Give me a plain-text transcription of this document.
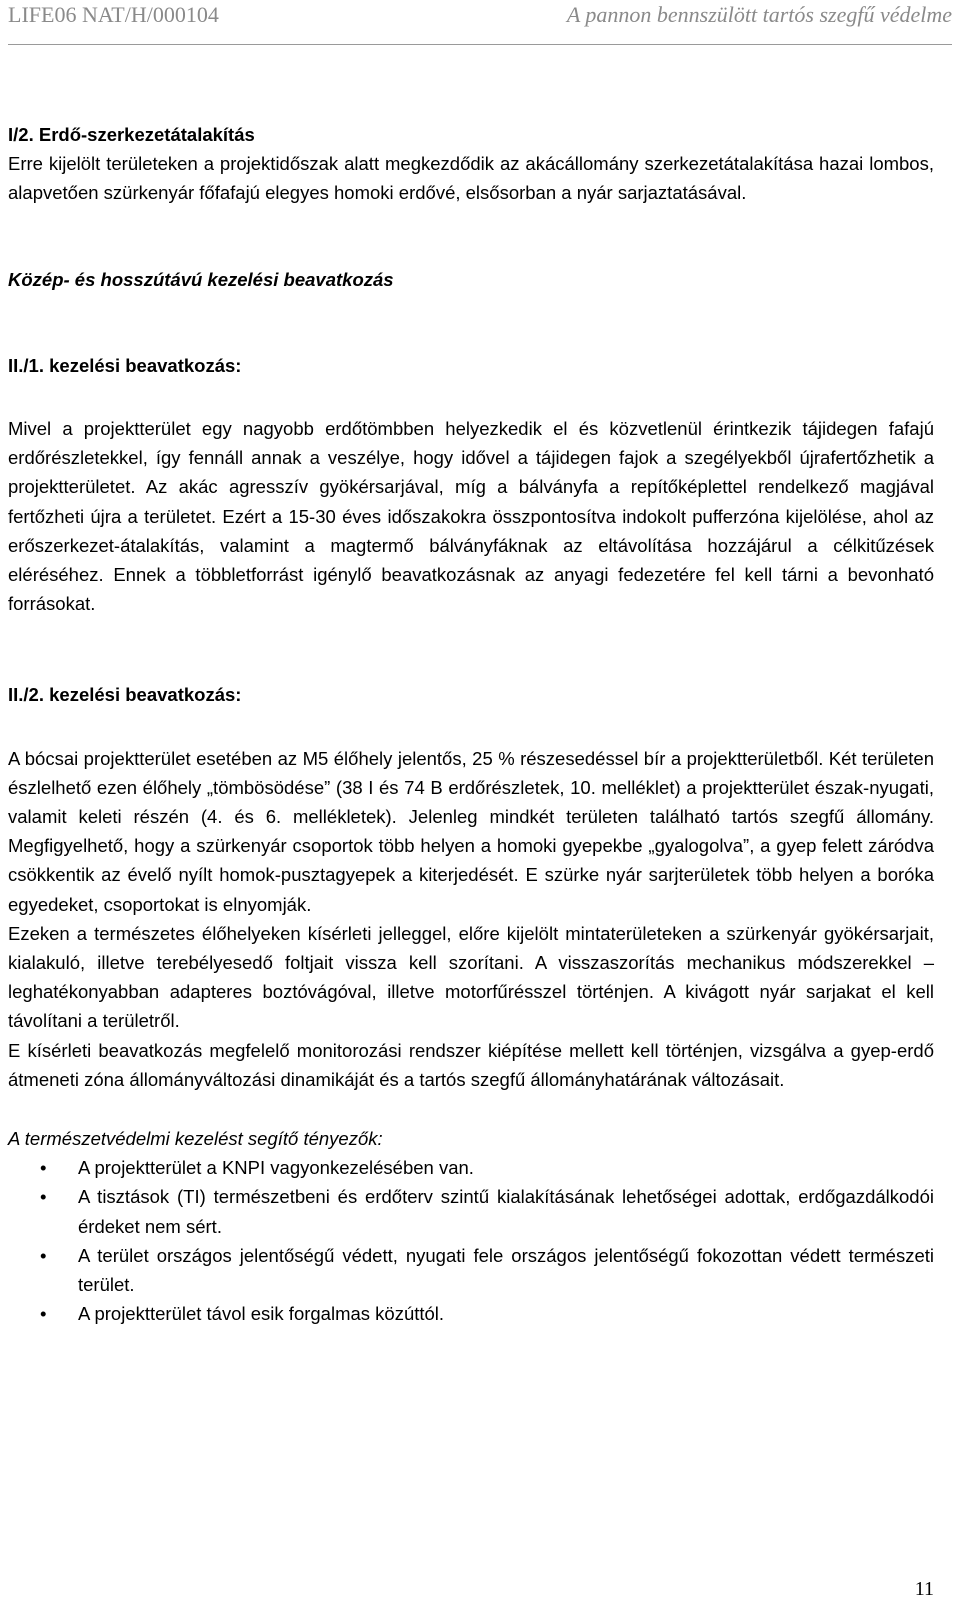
LIFE06 NAT/H/000104	A pannon bennszülött tartós szegfű védelme

I/2. Erdő-szerkezetátalakítás

Erre kijelölt területeken a projektidőszak alatt megkezdődik az akácállomány szerkezetátalakítása hazai lombos, alapvetően szürkenyár főfafajú elegyes homoki erdővé, elsősorban a nyár sarjaztatásával.

Közép- és hosszútávú kezelési beavatkozás

II./1. kezelési beavatkozás:

Mivel a projektterület egy nagyobb erdőtömbben helyezkedik el és közvetlenül érintkezik tájidegen fafajú erdőrészletekkel, így fennáll annak a veszélye, hogy idővel a tájidegen fajok a szegélyekből újrafertőzhetik a projektterületet. Az akác agresszív gyökérsarjával, míg a bálványfa a repítőképlettel rendelkező magjával fertőzheti újra a területet. Ezért a 15-30 éves időszakokra összpontosítva indokolt pufferzóna kijelölése, ahol az erőszerkezet-átalakítás, valamint a magtermő bálványfáknak az eltávolítása hozzájárul a célkitűzések eléréséhez. Ennek a többletforrást igénylő beavatkozásnak az anyagi fedezetére fel kell tárni a bevonható forrásokat.

II./2. kezelési beavatkozás:

A bócsai projektterület esetében az M5 élőhely jelentős, 25 % részesedéssel bír a projektterületből. Két területen észlelhető ezen élőhely „tömbösödése” (38 I és 74 B erdőrészletek, 10. melléklet) a projektterület észak-nyugati, valamit keleti részén (4. és 6. mellékletek). Jelenleg mindkét területen található tartós szegfű állomány. Megfigyelhető, hogy a szürkenyár csoportok több helyen a homoki gyepekbe „gyalogolva”, a gyep felett záródva csökkentik az évelő nyílt homok-pusztagyepek a kiterjedését. E szürke nyár sarjterületek több helyen a boróka egyedeket, csoportokat is elnyomják.

Ezeken a természetes élőhelyeken kísérleti jelleggel, előre kijelölt mintaterületeken a szürkenyár gyökérsarjait, kialakuló, illetve terebélyesedő foltjait vissza kell szorítani. A visszaszorítás mechanikus módszerekkel – leghatékonyabban adapteres boztóvágóval, illetve motorfűrésszel történjen. A kivágott nyár sarjakat el kell távolítani a területről.

E kísérleti beavatkozás megfelelő monitorozási rendszer kiépítése mellett kell történjen, vizsgálva a gyep-erdő átmeneti zóna állományváltozási dinamikáját és a tartós szegfű állományhatárának változásait.

A természetvédelmi kezelést segítő tényezők:

• A projektterület a KNPI vagyonkezelésében van.
• A tisztások (TI) természetbeni és erdőterv szintű kialakításának lehetőségei adottak, erdőgazdálkodói érdeket nem sért.
• A terület országos jelentőségű védett, nyugati fele országos jelentőségű fokozottan védett természeti terület.
• A projektterület távol esik forgalmas közúttól.
11
